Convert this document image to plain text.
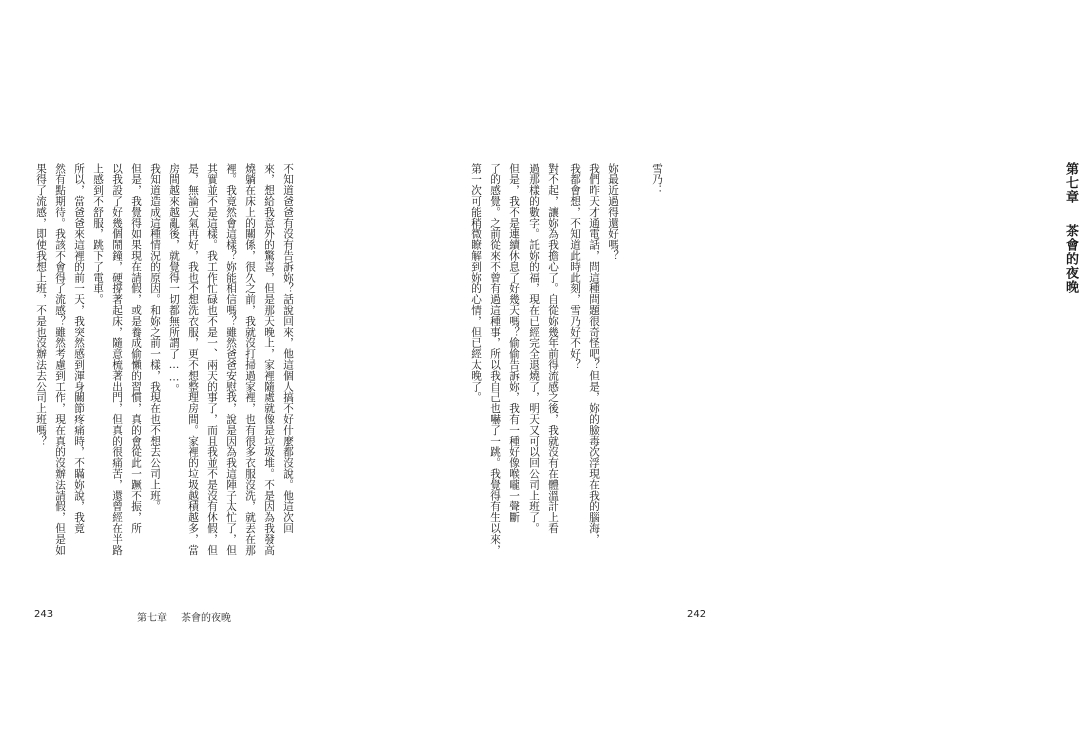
第七章茶會的夜晚
雪乃：
妳最近過得還好嗎？
我們昨天才通電話，問這種問題很奇怪吧？但是，妳的臉毒次浮現在我的腦海，
我都會想，不知道此時此刻，雪乃好不好？
對不起，讓妳為我擔心了。自從妳幾年前得流感之後，我就沒有在體溫計上看
過那樣的數字。託妳的福，現在已經完全退燒了，明天又可以回公司上班了。
但是，我不是連續休息了好幾天嗎？偷偷告訴妳，我有一種好像喉嚨一聲斷
了的感覺。之前從來不曾有過這種事，所以我自己也嚇了一跳。我覺得有生以來，
第一次可能稍微瞭解到妳的心情，但已經太晚了。
242
不知道爸爸有沒有告訴妳？話說回來，他這個人搞不好什麼都沒說。他這次回
來，想給我意外的驚喜，但是那天晚上，家裡隨處就像是垃圾堆。不是因為我發高
燒躺在床上的關係，很久之前，我就沒打掃過家裡，也有很多衣服沒洗，就丟在那
裡。我竟然會這樣？妳能相信嗎？雖然爸爸安慰我，說是因為我這陣子太忙了，但
其實並不是這樣。我工作忙碌也不是一、兩天的事了，而且我並不是沒有休假，但
是，無論天氣再好，我也不想洗衣服，更不想整理房間。家裡的垃圾越積越多，當
房間越來越亂後，就覺得一切都無所謂了……。
我知道造成這種情況的原因。和妳之前一樣，我現在也不想去公司上班。
但是，我覺得如果現在請假，或是養成偷懶的習慣，真的會從此一蹶不振，所
以我設了好幾個鬧鐘，硬撐著起床，隨意梳著出門，但真的很痛苦，還曾經在半路
上感到不舒服，跳下了電車。
所以，當爸爸來這裡的前一天，我突然感到渾身關節疼痛時，不瞞妳說，我竟
然有點期待。我該不會得了流感？雖然考慮到工作，現在真的沒辦法請假，但是如
果得了流感，即使我想上班，不是也沒辦法去公司上班嗎？
243	第七章 茶會的夜晚
